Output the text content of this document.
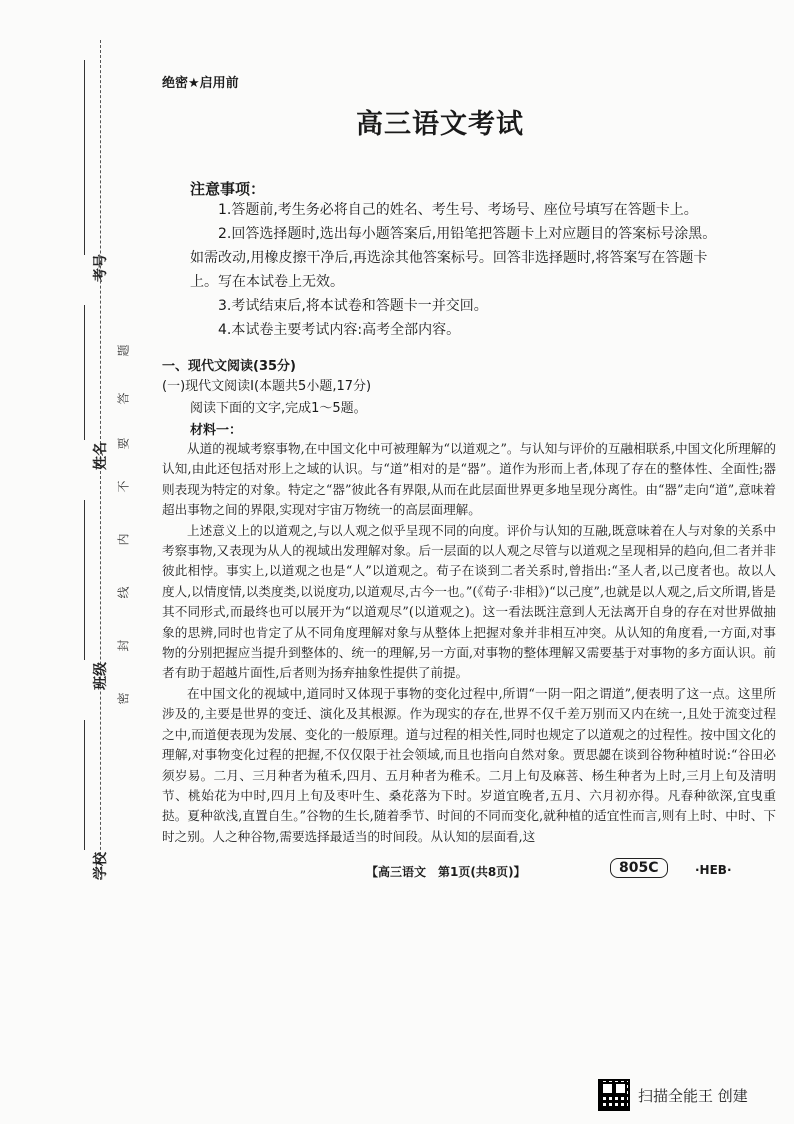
考号
姓名
班级
学校
密
封
线
内
不
要
答
题
绝密★启用前
高三语文考试
注意事项：

1.答题前,考生务必将自己的姓名、考生号、考场号、座位号填写在答题卡上。

2.回答选择题时,选出每小题答案后,用铅笔把答题卡上对应题目的答案标号涂黑。如需改动,用橡皮擦干净后,再选涂其他答案标号。回答非选择题时,将答案写在答题卡上。写在本试卷上无效。

3.考试结束后,将本试卷和答题卡一并交回。

4.本试卷主要考试内容:高考全部内容。

一、现代文阅读(35分)
(一)现代文阅读Ⅰ(本题共5小题,17分)
阅读下面的文字,完成1～5题。
材料一：

从道的视域考察事物,在中国文化中可被理解为“以道观之”。与认知与评价的互融相联系,中国文化所理解的认知,由此还包括对形上之域的认识。与“道”相对的是“器”。道作为形而上者,体现了存在的整体性、全面性;器则表现为特定的对象。特定之“器”彼此各有界限,从而在此层面世界更多地呈现分离性。由“器”走向“道”,意味着超出事物之间的界限,实现对宇宙万物统一的高层面理解。

上述意义上的以道观之,与以人观之似乎呈现不同的向度。评价与认知的互融,既意味着在人与对象的关系中考察事物,又表现为从人的视域出发理解对象。后一层面的以人观之尽管与以道观之呈现相异的趋向,但二者并非彼此相悖。事实上,以道观之也是“人”以道观之。荀子在谈到二者关系时,曾指出:“圣人者,以己度者也。故以人度人,以情度情,以类度类,以说度功,以道观尽,古今一也。”(《荀子·非相》)“以己度”,也就是以人观之,后文所谓,皆是其不同形式,而最终也可以展开为“以道观尽”(以道观之)。这一看法既注意到人无法离开自身的存在对世界做抽象的思辨,同时也肯定了从不同角度理解对象与从整体上把握对象并非相互冲突。从认知的角度看,一方面,对事物的分别把握应当提升到整体的、统一的理解,另一方面,对事物的整体理解又需要基于对事物的多方面认识。前者有助于超越片面性,后者则为扬弃抽象性提供了前提。

在中国文化的视域中,道同时又体现于事物的变化过程中,所谓“一阴一阳之谓道”,便表明了这一点。这里所涉及的,主要是世界的变迁、演化及其根源。作为现实的存在,世界不仅千差万别而又内在统一,且处于流变过程之中,而道便表现为发展、变化的一般原理。道与过程的相关性,同时也规定了以道观之的过程性。按中国文化的理解,对事物变化过程的把握,不仅仅限于社会领域,而且也指向自然对象。贾思勰在谈到谷物种植时说:“谷田必须岁易。二月、三月种者为稙禾,四月、五月种者为稚禾。二月上旬及麻菩、杨生种者为上时,三月上旬及清明节、桃始花为中时,四月上旬及枣叶生、桑花落为下时。岁道宜晚者,五月、六月初亦得。凡春种欲深,宜曳重挞。夏种欲浅,直置自生。”谷物的生长,随着季节、时间的不同而变化,就种植的适宜性而言,则有上时、中时、下时之别。人之种谷物,需要选择最适当的时间段。从认知的层面看,这

【高三语文　第1页(共8页)】	805C	·HEB·
扫描全能王 创建
